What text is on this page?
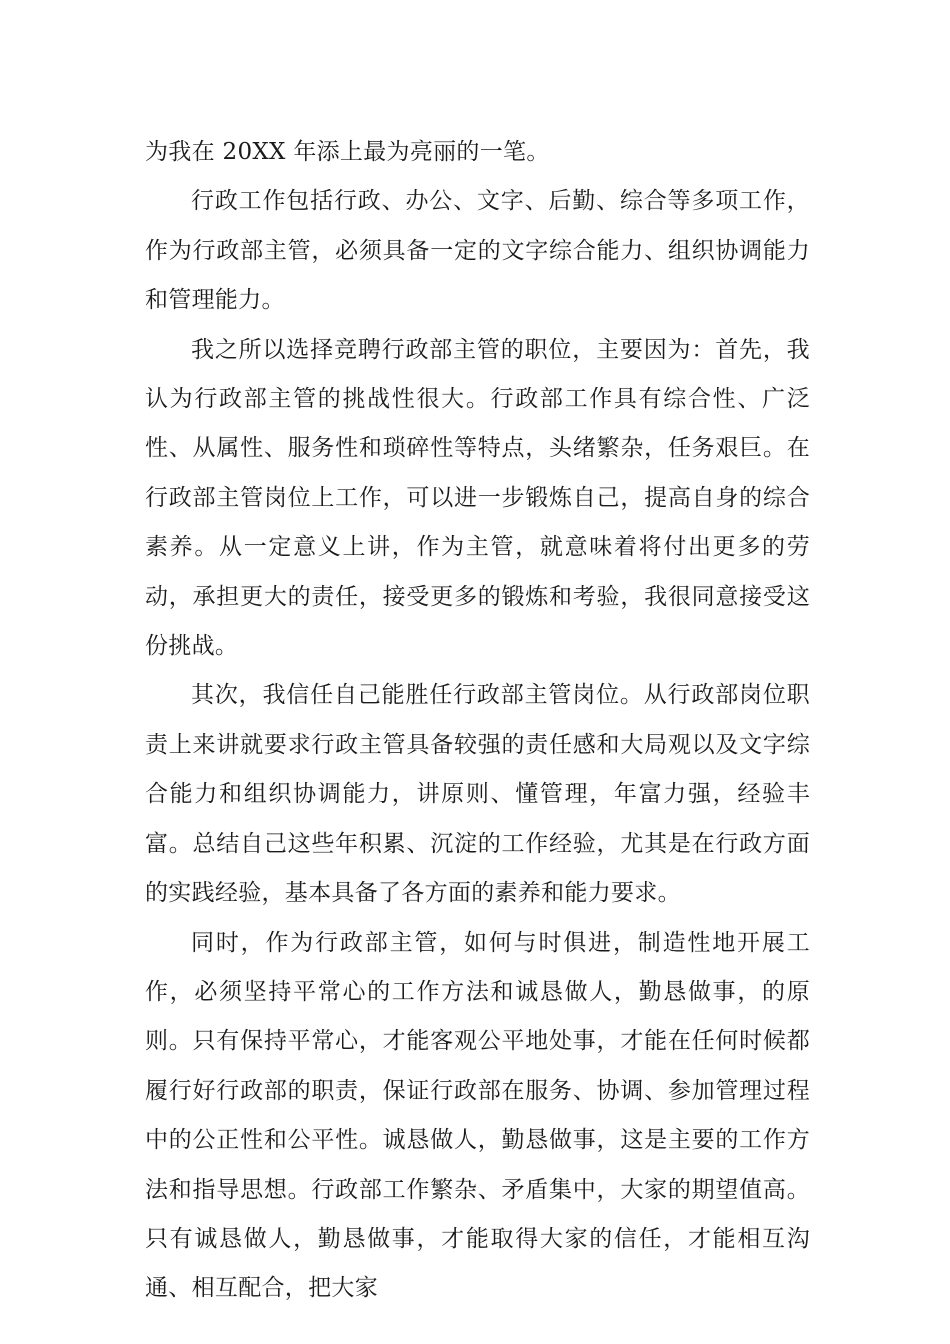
为我在 20XX 年添上最为亮丽的一笔。

行政工作包括行政、办公、文字、后勤、综合等多项工作，作为行政部主管，必须具备一定的文字综合能力、组织协调能力和管理能力。

我之所以选择竞聘行政部主管的职位，主要因为：首先，我认为行政部主管的挑战性很大。行政部工作具有综合性、广泛性、从属性、服务性和琐碎性等特点，头绪繁杂，任务艰巨。在行政部主管岗位上工作，可以进一步锻炼自己，提高自身的综合素养。从一定意义上讲，作为主管，就意味着将付出更多的劳动，承担更大的责任，接受更多的锻炼和考验，我很同意接受这份挑战。

其次，我信任自己能胜任行政部主管岗位。从行政部岗位职责上来讲就要求行政主管具备较强的责任感和大局观以及文字综合能力和组织协调能力，讲原则、懂管理，年富力强，经验丰富。总结自己这些年积累、沉淀的工作经验，尤其是在行政方面的实践经验，基本具备了各方面的素养和能力要求。

同时，作为行政部主管，如何与时俱进，制造性地开展工作，必须坚持平常心的工作方法和诚恳做人，勤恳做事，的原则。只有保持平常心，才能客观公平地处事，才能在任何时候都履行好行政部的职责，保证行政部在服务、协调、参加管理过程中的公正性和公平性。诚恳做人，勤恳做事，这是主要的工作方法和指导思想。行政部工作繁杂、矛盾集中，大家的期望值高。只有诚恳做人，勤恳做事，才能取得大家的信任，才能相互沟通、相互配合，把大家
